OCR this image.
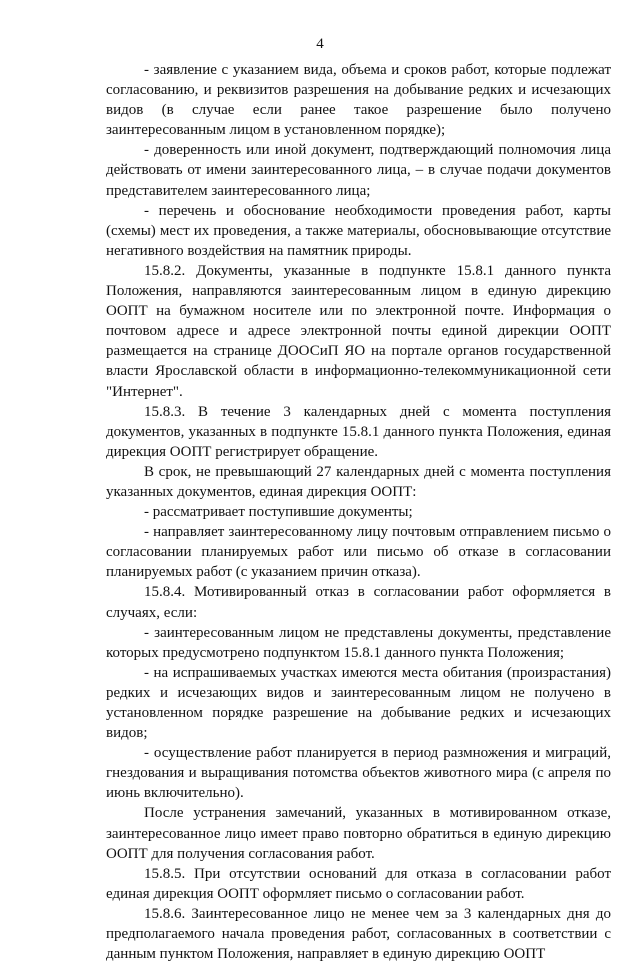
4

- заявление с указанием вида, объема и сроков работ, которые подлежат согласованию, и реквизитов разрешения на добывание редких и исчезающих видов (в случае если ранее такое разрешение было получено заинтересованным лицом в установленном порядке);

- доверенность или иной документ, подтверждающий полномочия лица действовать от имени заинтересованного лица, – в случае подачи документов представителем заинтересованного лица;

- перечень и обоснование необходимости проведения работ, карты (схемы) мест их проведения, а также материалы, обосновывающие отсутствие негативного воздействия на памятник природы.

15.8.2. Документы, указанные в подпункте 15.8.1 данного пункта Положения, направляются заинтересованным лицом в единую дирекцию ООПТ на бумажном носителе или по электронной почте. Информация о почтовом адресе и адресе электронной почты единой дирекции ООПТ размещается на странице ДООСиП ЯО на портале органов государственной власти Ярославской области в информационно-телекоммуникационной сети "Интернет".

15.8.3. В течение 3 календарных дней с момента поступления документов, указанных в подпункте 15.8.1 данного пункта Положения, единая дирекция ООПТ регистрирует обращение.

В срок, не превышающий 27 календарных дней с момента поступления указанных документов, единая дирекция ООПТ:

- рассматривает поступившие документы;

- направляет заинтересованному лицу почтовым отправлением письмо о согласовании планируемых работ или письмо об отказе в согласовании планируемых работ (с указанием причин отказа).

15.8.4. Мотивированный отказ в согласовании работ оформляется в случаях, если:

- заинтересованным лицом не представлены документы, представление которых предусмотрено подпунктом 15.8.1 данного пункта Положения;

- на испрашиваемых участках имеются места обитания (произрастания) редких и исчезающих видов и заинтересованным лицом не получено в установленном порядке разрешение на добывание редких и исчезающих видов;

- осуществление работ планируется в период размножения и миграций, гнездования и выращивания потомства объектов животного мира (с апреля по июнь включительно).

После устранения замечаний, указанных в мотивированном отказе, заинтересованное лицо имеет право повторно обратиться в единую дирекцию ООПТ для получения согласования работ.

15.8.5. При отсутствии оснований для отказа в согласовании работ единая дирекция ООПТ оформляет письмо о согласовании работ.

15.8.6. Заинтересованное лицо не менее чем за 3 календарных дня до предполагаемого начала проведения работ, согласованных в соответствии с данным пунктом Положения, направляет в единую дирекцию ООПТ
